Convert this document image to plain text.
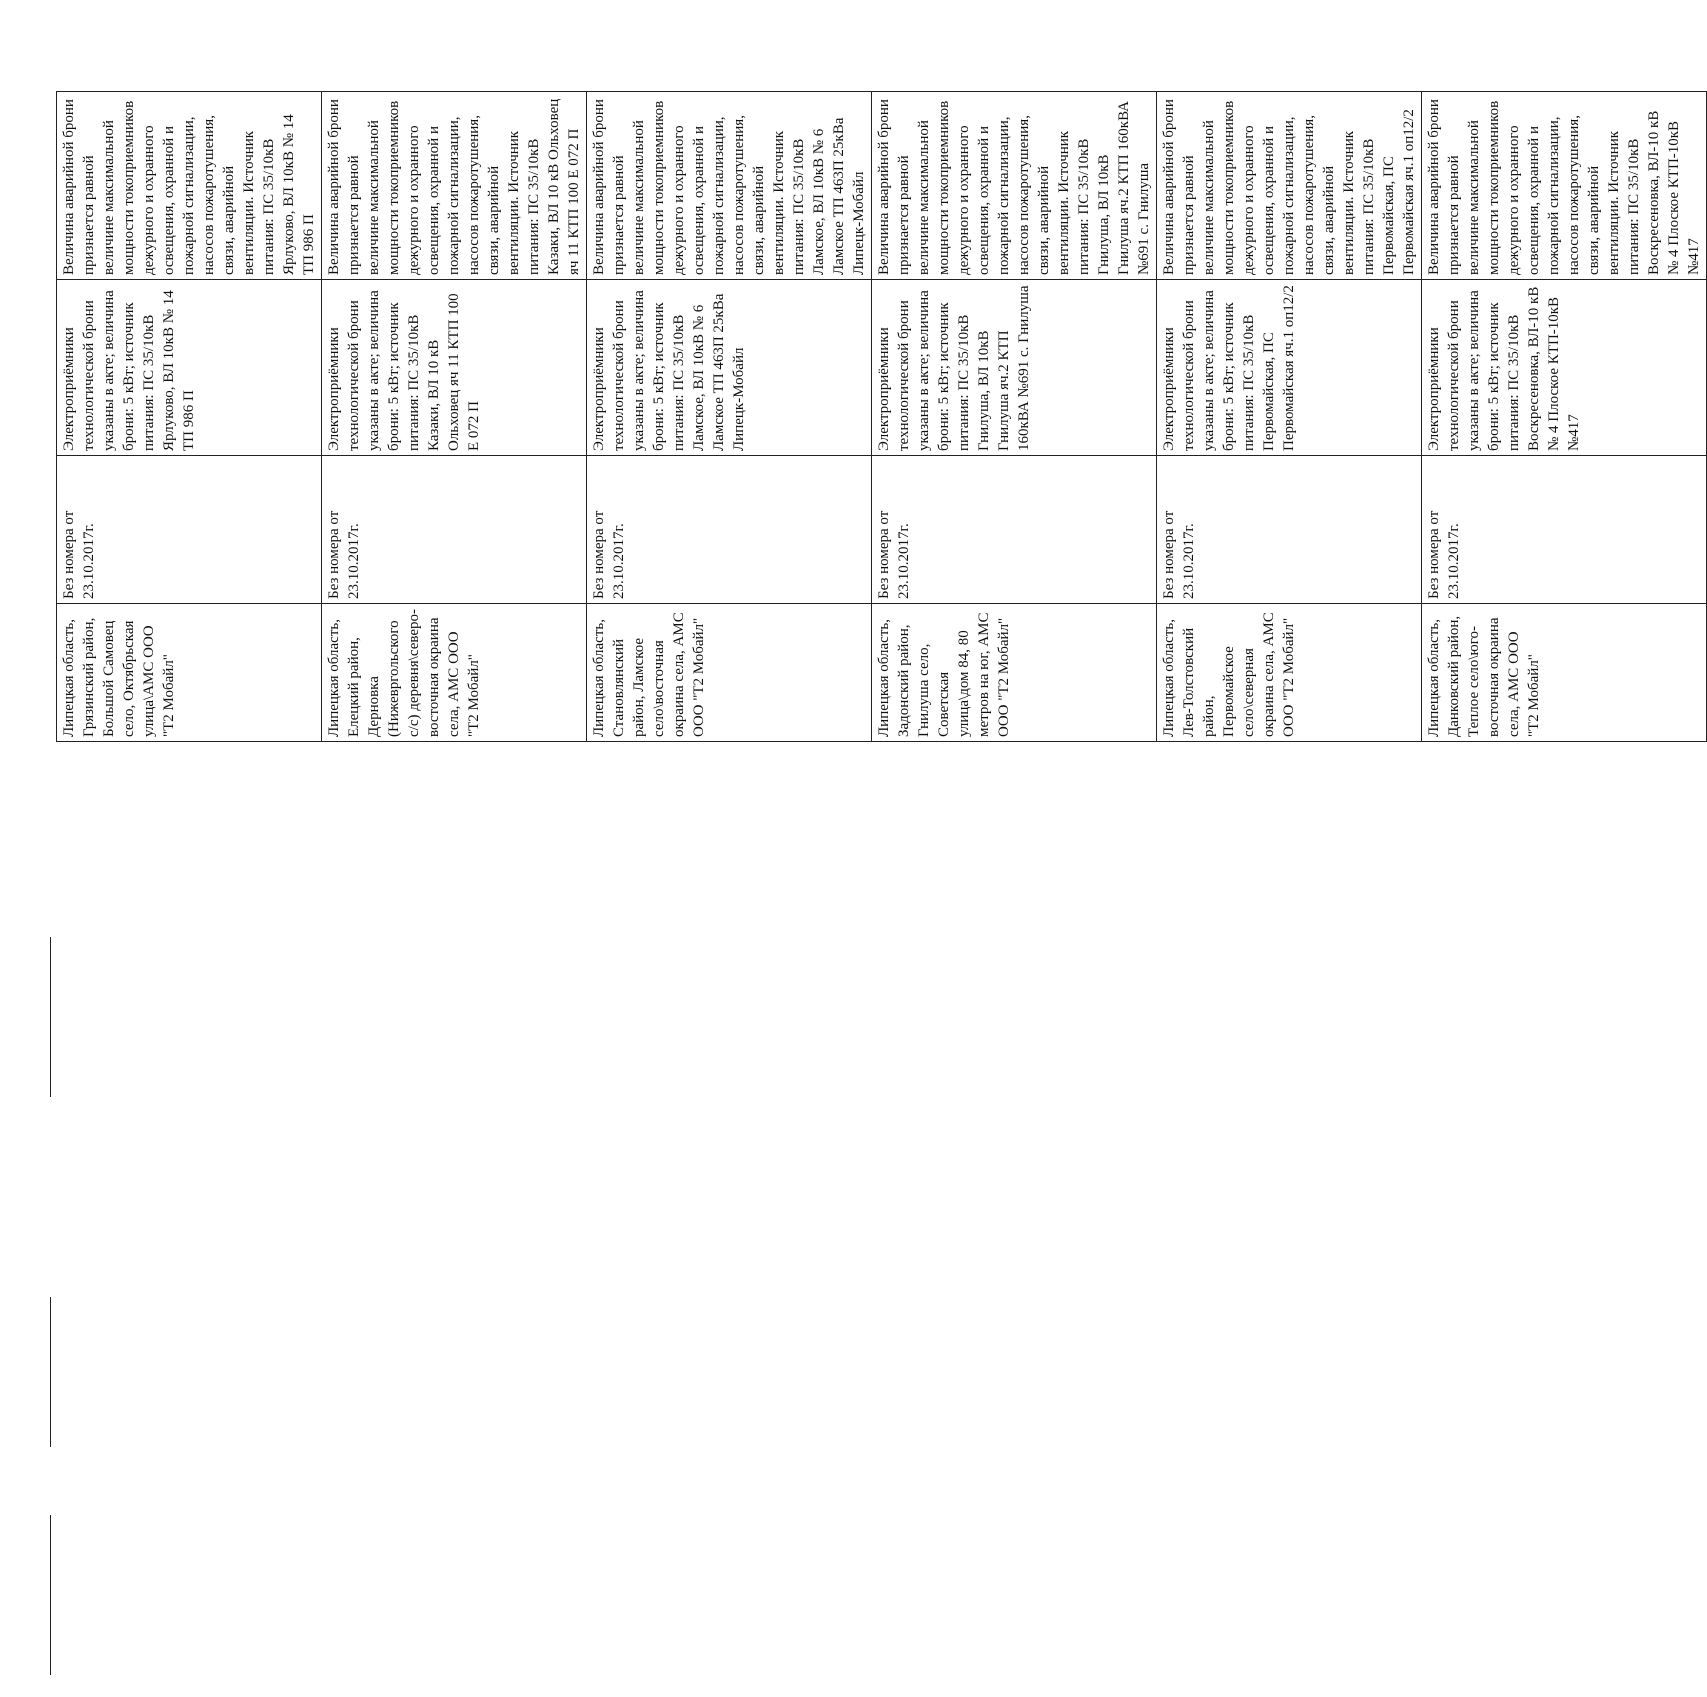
Липецкая область, Грязинский район, Большой Самовец село, Октябрьская улица\АМС ООО "Т2 Мобайл"	Без номера от 23.10.2017г.	Электроприёмники технологической брони указаны в акте; величина брони: 5 кВт; источник питания: ПС 35/10кВ Ярлуково, ВЛ 10кВ № 14 ТП 986 П	Величина аварийной брони признается равной величине максимальной мощности токоприемников дежурного и охранного освещения, охранной и пожарной сигнализации, насосов пожаротушения, связи, аварийной вентиляции. Источник питания: ПС 35/10кВ Ярлуково, ВЛ 10кВ № 14 ТП 986 П
Липецкая область, Елецкий район, Дерновка (Нижевргольского с/с) деревня\северо-восточная окраина села, АМС ООО "Т2 Мобайл"	Без номера от 23.10.2017г.	Электроприёмники технологической брони указаны в акте; величина брони: 5 кВт; источник питания: ПС 35/10кВ Казаки, ВЛ 10 кВ Ольховец яч 11 КТП 100 Е 072 П	Величина аварийной брони признается равной величине максимальной мощности токоприемников дежурного и охранного освещения, охранной и пожарной сигнализации, насосов пожаротушения, связи, аварийной вентиляции. Источник питания: ПС 35/10кВ Казаки, ВЛ 10 кВ Ольховец яч 11 КТП 100 Е 072 П
Липецкая область, Становлянский район, Ламское село\восточная окраина села, АМС ООО "Т2 Мобайл"	Без номера от 23.10.2017г.	Электроприёмники технологической брони указаны в акте; величина брони: 5 кВт; источник питания: ПС 35/10кВ Ламское, ВЛ 10кВ № 6 Ламское ТП 463П 25кВа Липецк-Мобайл	Величина аварийной брони признается равной величине максимальной мощности токоприемников дежурного и охранного освещения, охранной и пожарной сигнализации, насосов пожаротушения, связи, аварийной вентиляции. Источник питания: ПС 35/10кВ Ламское, ВЛ 10кВ № 6 Ламское ТП 463П 25кВа Липецк-Мобайл
Липецкая область, Задонский район, Гнилуша село, Советская улица\дом 84, 80 метров на юг, АМС ООО "Т2 Мобайл"	Без номера от 23.10.2017г.	Электроприёмники технологической брони указаны в акте; величина брони: 5 кВт; источник питания: ПС 35/10кВ Гнилуша, ВЛ 10кВ Гнилуша яч.2 КТП 160кВА №691 с. Гнилуша	Величина аварийной брони признается равной величине максимальной мощности токоприемников дежурного и охранного освещения, охранной и пожарной сигнализации, насосов пожаротушения, связи, аварийной вентиляции. Источник питания: ПС 35/10кВ Гнилуша, ВЛ 10кВ Гнилуша яч.2 КТП 160кВА №691 с. Гнилуша
Липецкая область, Лев-Толстовский район, Первомайское село\северная окраина села, АМС ООО "Т2 Мобайл"	Без номера от 23.10.2017г.	Электроприёмники технологической брони указаны в акте; величина брони: 5 кВт; источник питания: ПС 35/10кВ Первомайская, ПС Первомайская яч.1 оп12/2	Величина аварийной брони признается равной величине максимальной мощности токоприемников дежурного и охранного освещения, охранной и пожарной сигнализации, насосов пожаротушения, связи, аварийной вентиляции. Источник питания: ПС 35/10кВ Первомайская, ПС Первомайская яч.1 оп12/2
Липецкая область, Данковский район, Теплое село\юго-восточная окраина села, АМС ООО "Т2 Мобайл"	Без номера от 23.10.2017г.	Электроприёмники технологической брони указаны в акте; величина брони: 5 кВт; источник питания: ПС 35/10кВ Воскресеновка, ВЛ-10 кВ № 4 Плоское КТП-10кВ №417	Величина аварийной брони признается равной величине максимальной мощности токоприемников дежурного и охранного освещения, охранной и пожарной сигнализации, насосов пожаротушения, связи, аварийной вентиляции. Источник питания: ПС 35/10кВ Воскресеновка, ВЛ-10 кВ № 4 Плоское КТП-10кВ №417
